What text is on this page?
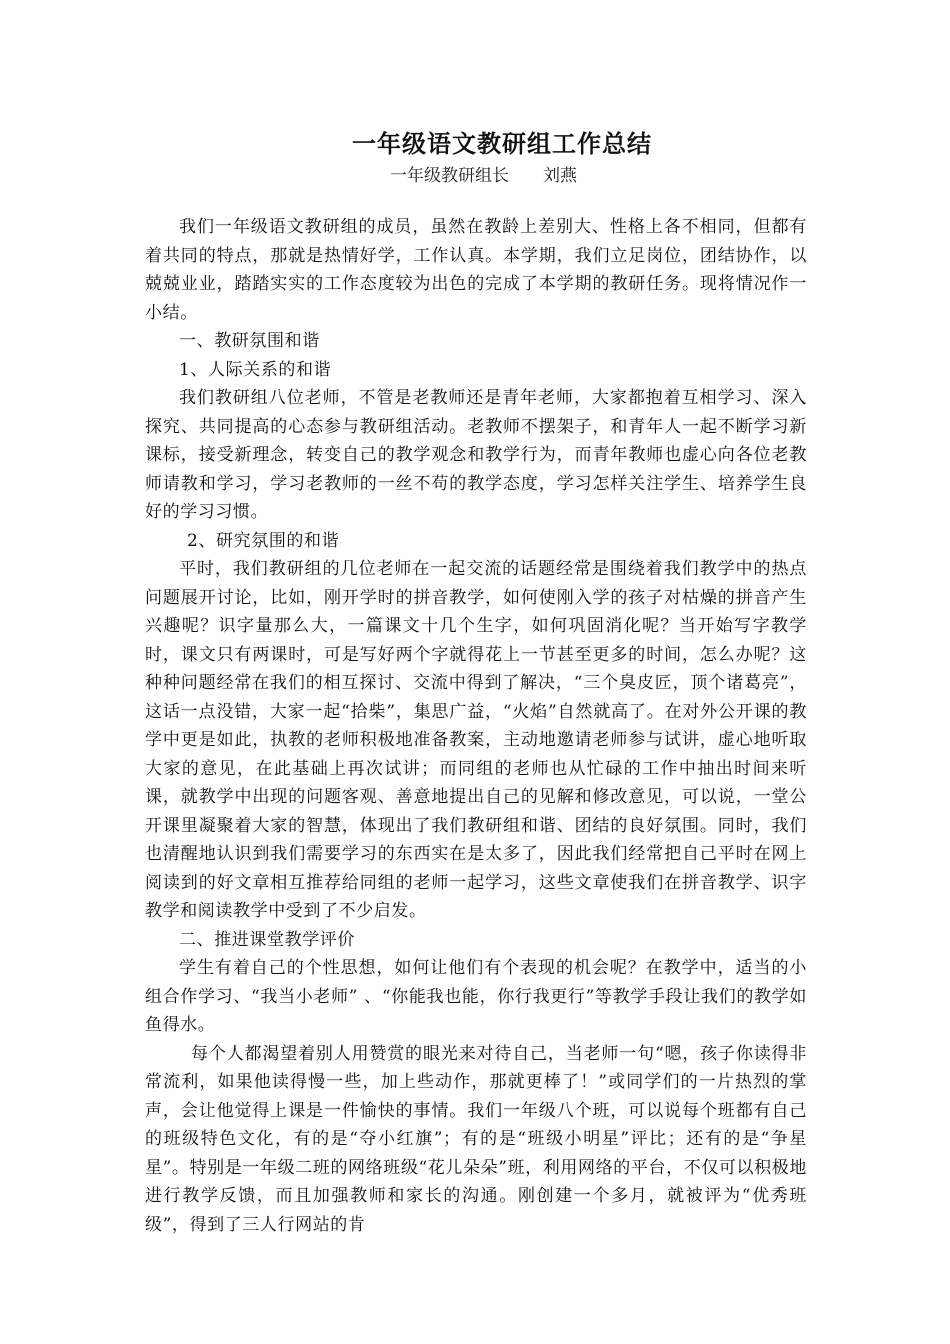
一年级语文教研组工作总结
一年级教研组长　　刘燕

我们一年级语文教研组的成员，虽然在教龄上差别大、性格上各不相同，但都有着共同的特点，那就是热情好学，工作认真。本学期，我们立足岗位，团结协作，以兢兢业业，踏踏实实的工作态度较为出色的完成了本学期的教研任务。现将情况作一小结。

一、教研氛围和谐

1、人际关系的和谐

我们教研组八位老师，不管是老教师还是青年老师，大家都抱着互相学习、深入探究、共同提高的心态参与教研组活动。老教师不摆架子，和青年人一起不断学习新课标，接受新理念，转变自己的教学观念和教学行为，而青年教师也虚心向各位老教师请教和学习，学习老教师的一丝不苟的教学态度，学习怎样关注学生、培养学生良好的学习习惯。

2、研究氛围的和谐

平时，我们教研组的几位老师在一起交流的话题经常是围绕着我们教学中的热点问题展开讨论，比如，刚开学时的拼音教学，如何使刚入学的孩子对枯燥的拼音产生兴趣呢？识字量那么大，一篇课文十几个生字，如何巩固消化呢？当开始写字教学时，课文只有两课时，可是写好两个字就得花上一节甚至更多的时间，怎么办呢？这种种问题经常在我们的相互探讨、交流中得到了解决，“三个臭皮匠，顶个诸葛亮”，这话一点没错，大家一起“拾柴”，集思广益，“火焰”自然就高了。在对外公开课的教学中更是如此，执教的老师积极地准备教案，主动地邀请老师参与试讲，虚心地听取大家的意见，在此基础上再次试讲；而同组的老师也从忙碌的工作中抽出时间来听课，就教学中出现的问题客观、善意地提出自己的见解和修改意见，可以说，一堂公开课里凝聚着大家的智慧，体现出了我们教研组和谐、团结的良好氛围。同时，我们也清醒地认识到我们需要学习的东西实在是太多了，因此我们经常把自己平时在网上阅读到的好文章相互推荐给同组的老师一起学习，这些文章使我们在拼音教学、识字教学和阅读教学中受到了不少启发。

二、推进课堂教学评价

学生有着自己的个性思想，如何让他们有个表现的机会呢？在教学中，适当的小组合作学习、“我当小老师” 、“你能我也能，你行我更行”等教学手段让我们的教学如鱼得水。

每个人都渴望着别人用赞赏的眼光来对待自己，当老师一句“嗯，孩子你读得非常流利，如果他读得慢一些，加上些动作，那就更棒了！”或同学们的一片热烈的掌声，会让他觉得上课是一件愉快的事情。我们一年级八个班，可以说每个班都有自己的班级特色文化，有的是“夺小红旗”；有的是“班级小明星”评比；还有的是“争星星”。特别是一年级二班的网络班级“花儿朵朵”班，利用网络的平台，不仅可以积极地进行教学反馈，而且加强教师和家长的沟通。刚创建一个多月，就被评为“优秀班级”，得到了三人行网站的肯
